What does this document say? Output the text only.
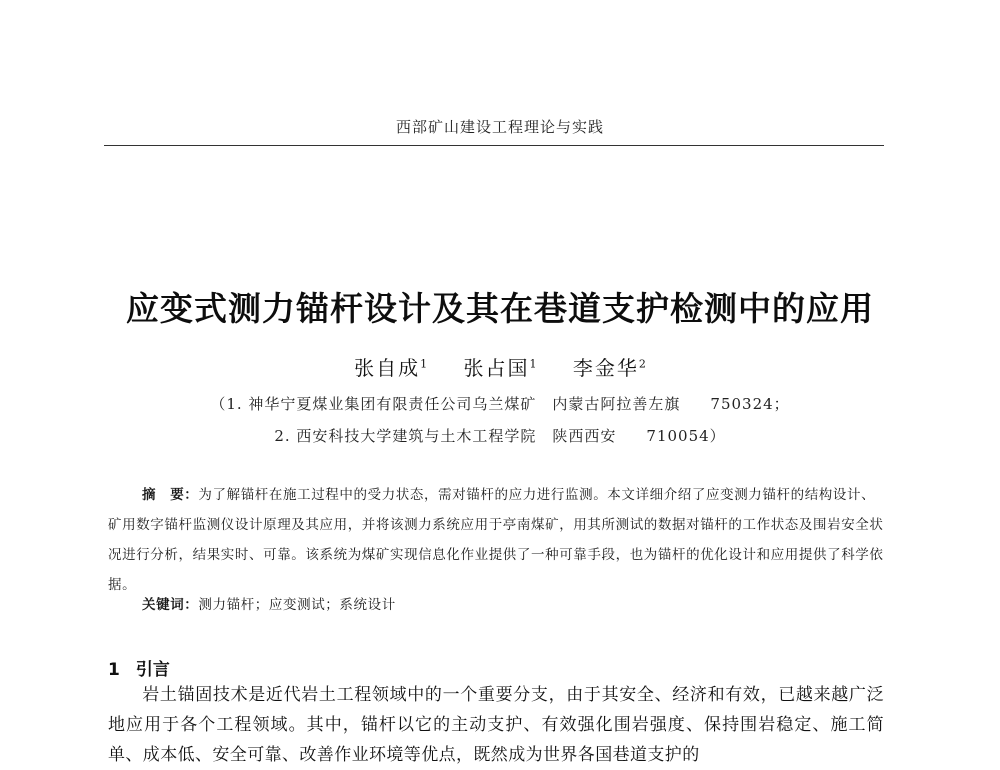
西部矿山建设工程理论与实践
应变式测力锚杆设计及其在巷道支护检测中的应用
张自成$^1$ 张占国$^1$ 李金华$^2$
（1. 神华宁夏煤业集团有限责任公司乌兰煤矿　内蒙古阿拉善左旗 750324；
2. 西安科技大学建筑与土木工程学院　陕西西安 710054）
摘　要：为了解锚杆在施工过程中的受力状态，需对锚杆的应力进行监测。本文详细介绍了应变测力锚杆的结构设计、矿用数字锚杆监测仪设计原理及其应用，并将该测力系统应用于亭南煤矿，用其所测试的数据对锚杆的工作状态及围岩安全状况进行分析，结果实时、可靠。该系统为煤矿实现信息化作业提供了一种可靠手段，也为锚杆的优化设计和应用提供了科学依据。
关键词：测力锚杆；应变测试；系统设计
1 引言
岩土锚固技术是近代岩土工程领域中的一个重要分支，由于其安全、经济和有效，已越来越广泛地应用于各个工程领域。其中，锚杆以它的主动支护、有效强化围岩强度、保持围岩稳定、施工简单、成本低、安全可靠、改善作业环境等优点，既然成为世界各国巷道支护的
